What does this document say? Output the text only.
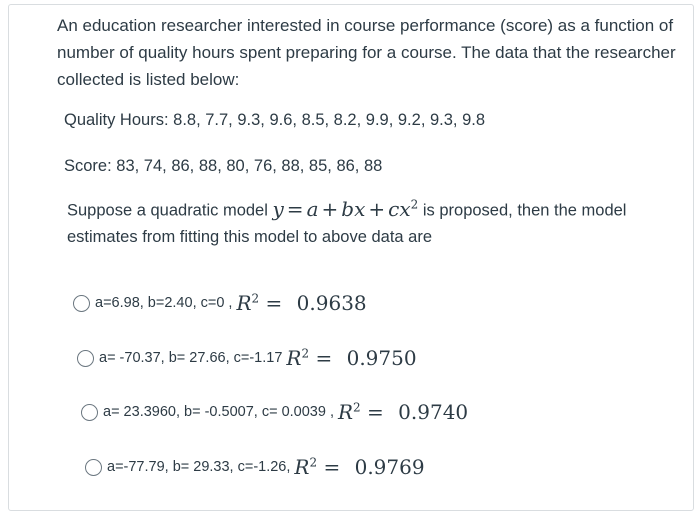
An education researcher interested in course performance (score) as a function of number of quality hours spent preparing for a course. The data that the researcher collected is listed below:
Quality Hours: 8.8, 7.7, 9.3, 9.6, 8.5, 8.2, 9.9, 9.2, 9.3, 9.8
Score: 83, 74, 86, 88, 80, 76, 88, 85, 86, 88
Suppose a quadratic model y = a + bx + $cx^2$ is proposed, then the model estimates from fitting this model to above data are
a=6.98, b=2.40, c=0 , $R^2 = 0.9638$
a= -70.37, b= 27.66, c=-1.17 $R^2 = 0.9750$
a= 23.3960, b= -0.5007, c= 0.0039 , $R^2 = 0.9740$
a=-77.79, b= 29.33, c=-1.26, $R^2 = 0.9769$
